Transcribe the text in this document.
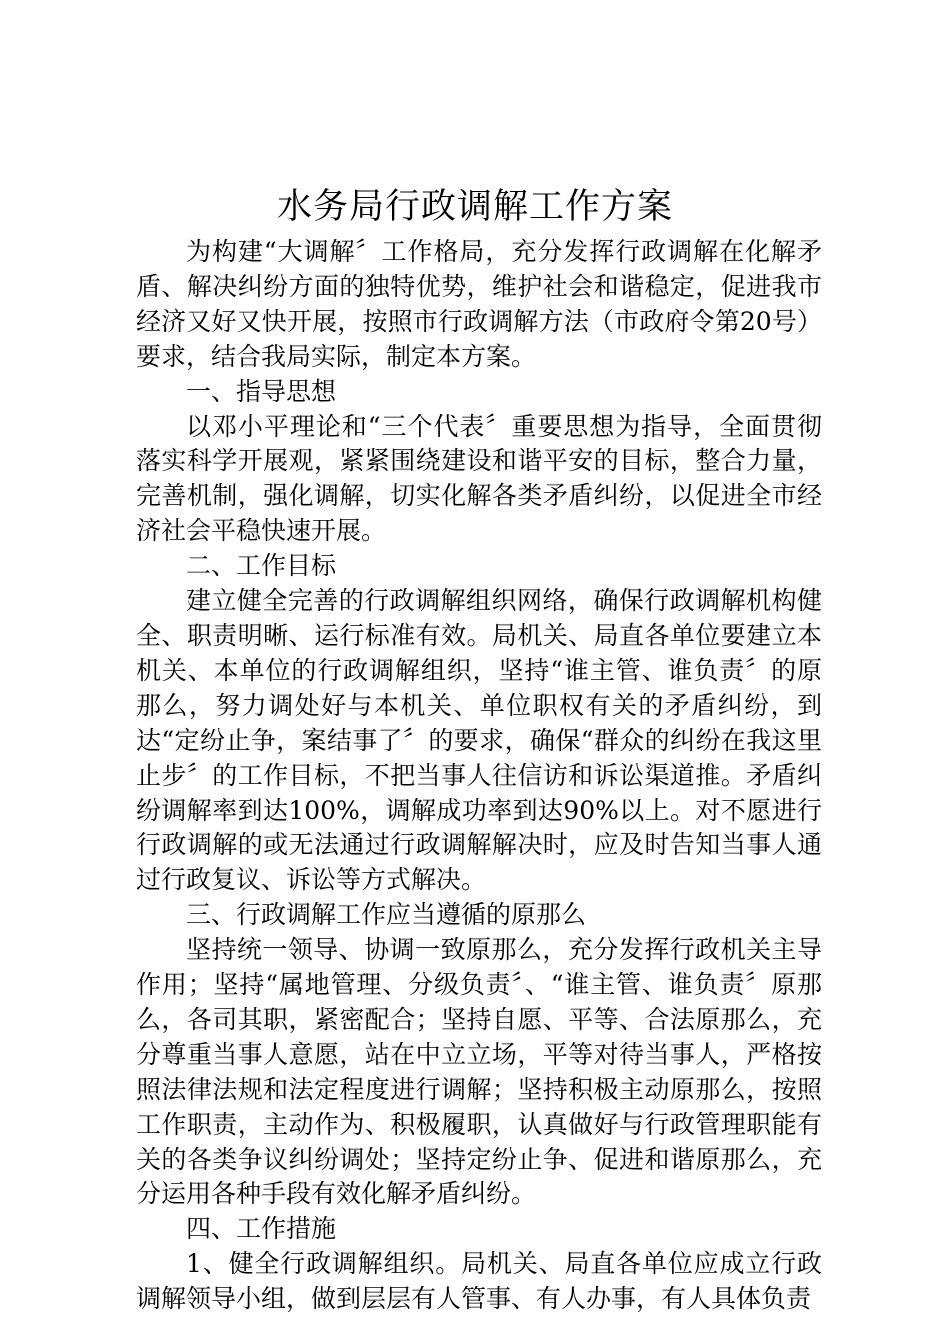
水务局行政调解工作方案

为构建“大调解〞工作格局，充分发挥行政调解在化解矛盾、解决纠纷方面的独特优势，维护社会和谐稳定，促进我市经济又好又快开展，按照市行政调解方法（市政府令第20号）要求，结合我局实际，制定本方案。

一、指导思想

以邓小平理论和“三个代表〞重要思想为指导，全面贯彻落实科学开展观，紧紧围绕建设和谐平安的目标，整合力量，完善机制，强化调解，切实化解各类矛盾纠纷，以促进全市经济社会平稳快速开展。

二、工作目标

建立健全完善的行政调解组织网络，确保行政调解机构健全、职责明晰、运行标准有效。局机关、局直各单位要建立本机关、本单位的行政调解组织，坚持“谁主管、谁负责〞的原那么，努力调处好与本机关、单位职权有关的矛盾纠纷，到达“定纷止争，案结事了〞的要求，确保“群众的纠纷在我这里止步〞的工作目标，不把当事人往信访和诉讼渠道推。矛盾纠纷调解率到达100%，调解成功率到达90%以上。对不愿进行行政调解的或无法通过行政调解解决时，应及时告知当事人通过行政复议、诉讼等方式解决。

三、行政调解工作应当遵循的原那么

坚持统一领导、协调一致原那么，充分发挥行政机关主导作用；坚持“属地管理、分级负责〞、“谁主管、谁负责〞原那么，各司其职，紧密配合；坚持自愿、平等、合法原那么，充分尊重当事人意愿，站在中立立场，平等对待当事人，严格按照法律法规和法定程度进行调解；坚持积极主动原那么，按照工作职责，主动作为、积极履职，认真做好与行政管理职能有关的各类争议纠纷调处；坚持定纷止争、促进和谐原那么，充分运用各种手段有效化解矛盾纠纷。

四、工作措施

1、健全行政调解组织。局机关、局直各单位应成立行政调解领导小组，做到层层有人管事、有人办事，有人具体负责
